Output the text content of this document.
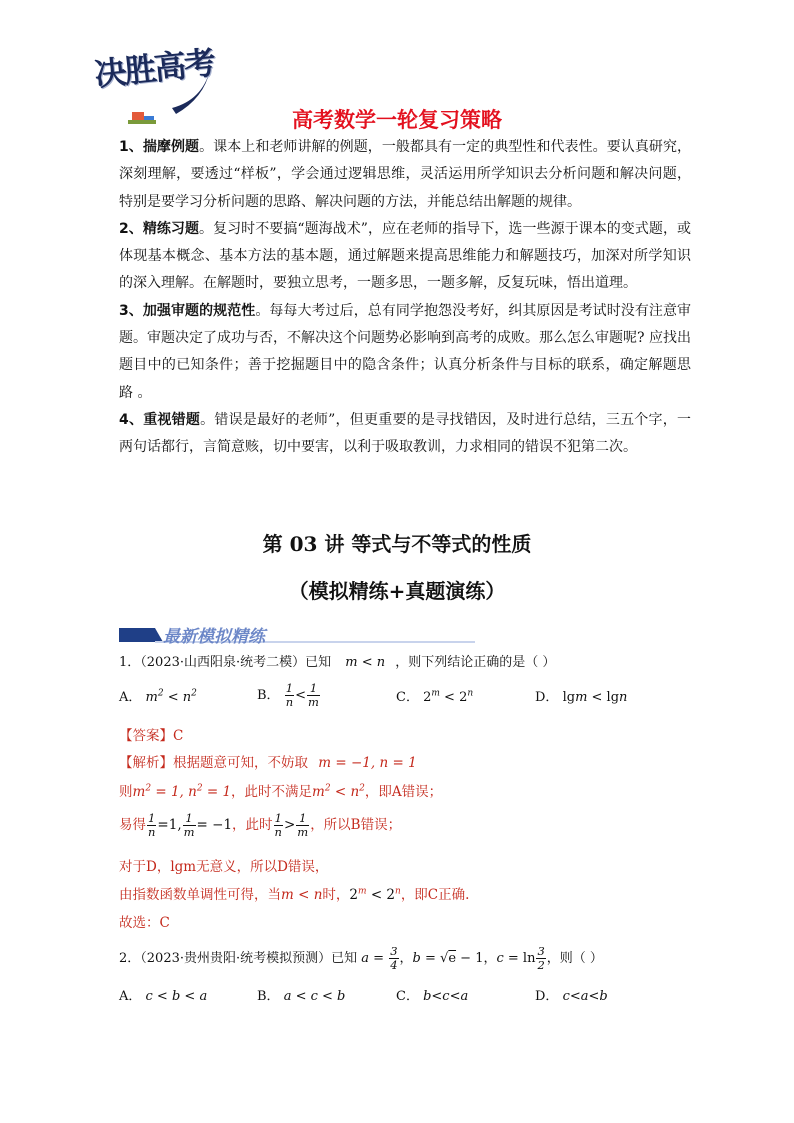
决胜高考
高考数学一轮复习策略

1、揣摩例题。课本上和老师讲解的例题，一般都具有一定的典型性和代表性。要认真研究，深刻理解，要透过“样板”，学会通过逻辑思维，灵活运用所学知识去分析问题和解决问题，特别是要学习分析问题的思路、解决问题的方法，并能总结出解题的规律。

2、精练习题。复习时不要搞“题海战术”，应在老师的指导下，选一些源于课本的变式题，或体现基本概念、基本方法的基本题，通过解题来提高思维能力和解题技巧，加深对所学知识的深入理解。在解题时，要独立思考，一题多思，一题多解，反复玩味，悟出道理。

3、加强审题的规范性。每每大考过后，总有同学抱怨没考好，纠其原因是考试时没有注意审题。审题决定了成功与否，不解决这个问题势必影响到高考的成败。那么怎么审题呢? 应找出题目中的已知条件；善于挖掘题目中的隐含条件；认真分析条件与目标的联系，确定解题思路 。

4、重视错题。错误是最好的老师”，但更重要的是寻找错因，及时进行总结，三五个字，一两句话都行，言简意赅，切中要害，以利于吸取教训，力求相同的错误不犯第二次。

第 03 讲 等式与不等式的性质
（模拟精练+真题演练）
最新模拟精练
1．（2023·山西阳泉·统考二模）已知 m < n ，则下列结论正确的是（ ）
A． $m^2 < n^2$	B． $\frac{1}{n} < \frac{1}{m}$	C． $2^m < 2^n$	D． lgm < lgn
【答案】C
【解析】根据题意可知，不妨取 m = −1, n = 1
则$m^2 = 1$, $n^2 = 1$，此时不满足$m^2 < n^2$，即A错误；
易得 $\frac{1}{n} =1$, $\frac{1}{m} = -1$，此时 $\frac{1}{n} > \frac{1}{m}$ ，所以B错误；
对于D，lgm无意义，所以D错误，
由指数函数单调性可得，当m < n时，$2^m < 2^n$，即C正确.
故选：C
2．（2023·贵州贵阳·统考模拟预测）已知 $a = \frac{3}{4}$ ，b = √e − 1，$c = \ln \frac{3}{2}$ ，则（ ）
A． c < b < a	B． a < c < b	C． b<c<a	D． c<a<b
